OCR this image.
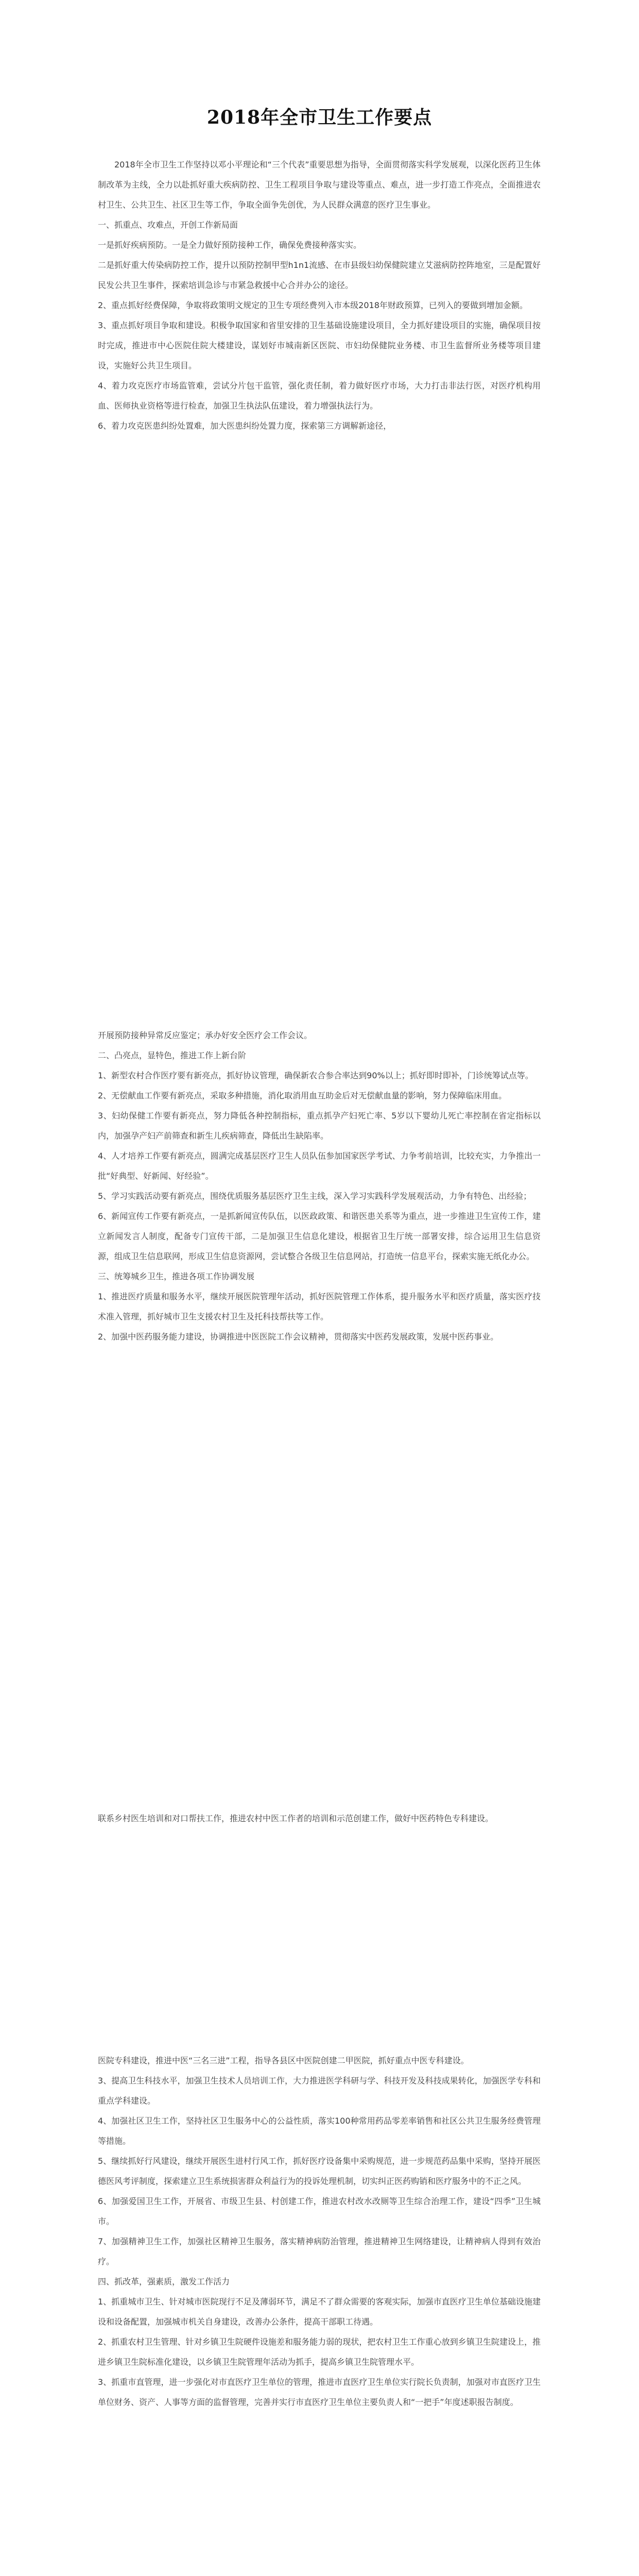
2018年全市卫生工作要点

2018年全市卫生工作坚持以邓小平理论和“三个代表”重要思想为指导，全面贯彻落实科学发展观，以深化医药卫生体制改革为主线，全力以赴抓好重大疾病防控、卫生工程项目争取与建设等重点、难点，进一步打造工作亮点，全面推进农村卫生、公共卫生、社区卫生等工作，争取全面争先创优，为人民群众满意的医疗卫生事业。

一、抓重点、攻难点，开创工作新局面

一是抓好疾病预防。一是全力做好预防接种工作，确保免费接种落实实。

二是抓好重大传染病防控工作，提升以预防控制甲型h1n1流感、在市县级妇幼保健院建立艾滋病防控阵地室，三是配置好民发公共卫生事件，探索培训急诊与市紧急救援中心合并办公的途径。

2、重点抓好经费保障，争取将政策明文规定的卫生专项经费列入市本级2018年财政预算，已列入的要做到增加金额。

3、重点抓好项目争取和建设。积极争取国家和省里安排的卫生基础设施建设项目，全力抓好建设项目的实施，确保项目按时完成，推进市中心医院住院大楼建设，谋划好市城南新区医院、市妇幼保健院业务楼、市卫生监督所业务楼等项目建设，实施好公共卫生项目。

4、着力攻克医疗市场监管难，尝试分片包干监管，强化责任制，着力做好医疗市场，大力打击非法行医，对医疗机构用血、医师执业资格等进行检查，加强卫生执法队伍建设，着力增强执法行为。

6、着力攻克医患纠纷处置难，加大医患纠纷处置力度，探索第三方调解新途径，

开展预防接种异常反应鉴定；承办好安全医疗会工作会议。

二、凸亮点，显特色，推进工作上新台阶

1、新型农村合作医疗要有新亮点，抓好协议管理，确保新农合参合率达到90%以上；抓好即时即补，门诊统筹试点等。

2、无偿献血工作要有新亮点，采取多种措施，消化取消用血互助金后对无偿献血量的影响，努力保障临床用血。

3、妇幼保健工作要有新亮点，努力降低各种控制指标，重点抓孕产妇死亡率、5岁以下婴幼儿死亡率控制在省定指标以内，加强孕产妇产前筛查和新生儿疾病筛查，降低出生缺陷率。

4、人才培养工作要有新亮点，圆满完成基层医疗卫生人员队伍参加国家医学考试、力争考前培训，比较充实，力争推出一批“好典型、好新闻、好经验”。

5、学习实践活动要有新亮点，围绕优质服务基层医疗卫生主线，深入学习实践科学发展观活动，力争有特色、出经验；

6、新闻宣传工作要有新亮点，一是抓新闻宣传队伍，以医政政策、和谐医患关系等为重点，进一步推进卫生宣传工作，建立新闻发言人制度，配备专门宣传干部，二是加强卫生信息化建设，根据省卫生厅统一部署安排，综合运用卫生信息资源，组成卫生信息联网，形成卫生信息资源网，尝试整合各级卫生信息网站，打造统一信息平台，探索实施无纸化办公。

三、统筹城乡卫生，推进各项工作协调发展

1、推进医疗质量和服务水平，继续开展医院管理年活动，抓好医院管理工作体系，提升服务水平和医疗质量，落实医疗技术准入管理，抓好城市卫生支援农村卫生及托科技帮扶等工作。

2、加强中医药服务能力建设，协调推进中医医院工作会议精神，贯彻落实中医药发展政策，发展中医药事业。

联系乡村医生培训和对口帮扶工作，推进农村中医工作者的培训和示范创建工作，做好中医药特色专科建设。

医院专科建设，推进中医“三名三进”工程，指导各县区中医院创建二甲医院，抓好重点中医专科建设。

3、提高卫生科技水平，加强卫生技术人员培训工作，大力推进医学科研与学、科技开发及科技成果转化，加强医学专科和重点学科建设。

4、加强社区卫生工作，坚持社区卫生服务中心的公益性质，落实100种常用药品零差率销售和社区公共卫生服务经费管理等措施。

5、继续抓好行风建设，继续开展医生进村行风工作，抓好医疗设备集中采购规范，进一步规范药品集中采购，坚持开展医德医风考评制度，探索建立卫生系统损害群众利益行为的投诉处理机制，切实纠正医药购销和医疗服务中的不正之风。

6、加强爱国卫生工作，开展省、市级卫生县、村创建工作，推进农村改水改厕等卫生综合治理工作，建设“四季”卫生城市。

7、加强精神卫生工作，加强社区精神卫生服务，落实精神病防治管理，推进精神卫生网络建设，让精神病人得到有效治疗。

四、抓改革，强素质，激发工作活力

1、抓重城市卫生、针对城市医院现行不足及薄弱环节，满足不了群众需要的客观实际，加强市直医疗卫生单位基础设施建设和设备配置，加强城市机关自身建设，改善办公条件，提高干部职工待遇。

2、抓重农村卫生管理、针对乡镇卫生院硬件设施差和服务能力弱的现状，把农村卫生工作重心放到乡镇卫生院建设上，推进乡镇卫生院标准化建设，以乡镇卫生院管理年活动为抓手，提高乡镇卫生院管理水平。

3、抓重市直管理，进一步强化对市直医疗卫生单位的管理，推进市直医疗卫生单位实行院长负责制，加强对市直医疗卫生单位财务、资产、人事等方面的监督管理，完善并实行市直医疗卫生单位主要负责人和“一把手”年度述职报告制度。
